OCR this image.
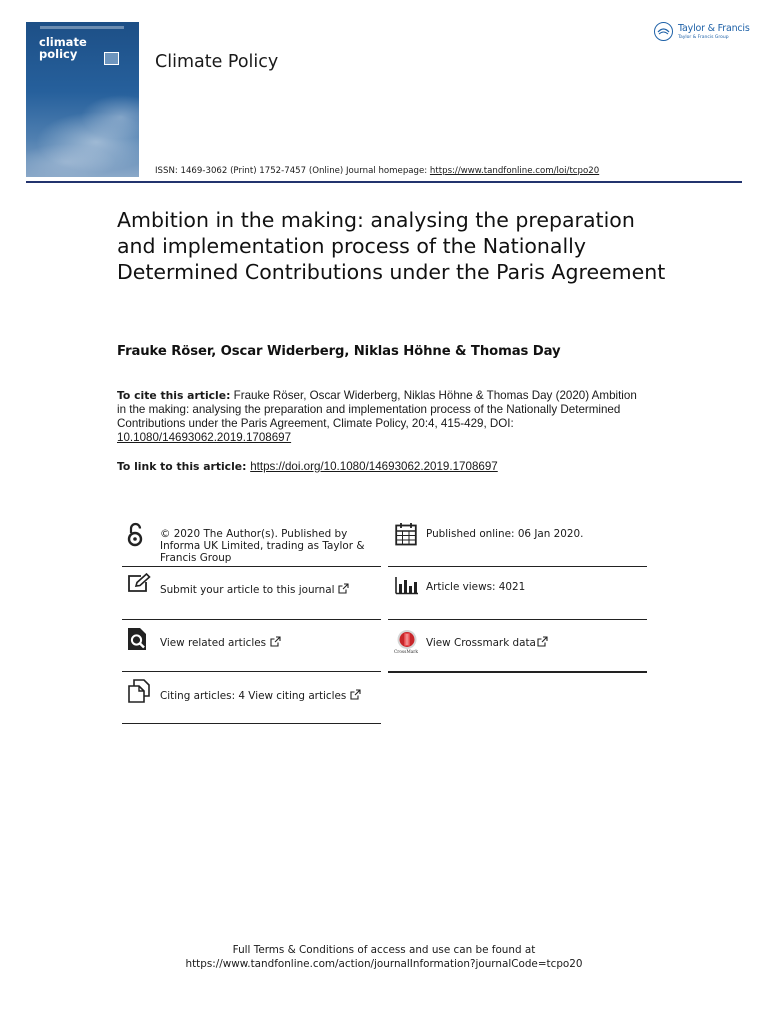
climate
policy	Climate Policy
Taylor & Francis
Taylor & Francis Group
ISSN: 1469-3062 (Print) 1752-7457 (Online) Journal homepage: https://www.tandfonline.com/loi/tcpo20
Ambition in the making: analysing the preparation and implementation process of the Nationally Determined Contributions under the Paris Agreement
Frauke Röser, Oscar Widerberg, Niklas Höhne & Thomas Day
To cite this article: Frauke Röser, Oscar Widerberg, Niklas Höhne & Thomas Day (2020) Ambition in the making: analysing the preparation and implementation process of the Nationally Determined Contributions under the Paris Agreement, Climate Policy, 20:4, 415-429, DOI: 10.1080/14693062.2019.1708697
To link to this article: https://doi.org/10.1080/14693062.2019.1708697
© 2020 The Author(s). Published by Informa UK Limited, trading as Taylor & Francis Group
Published online: 06 Jan 2020.
Submit your article to this journal	Article views: 4021
View related articles
CrossMark
View Crossmark data
Citing articles: 4 View citing articles
Full Terms & Conditions of access and use can be found at
https://www.tandfonline.com/action/journalInformation?journalCode=tcpo20
